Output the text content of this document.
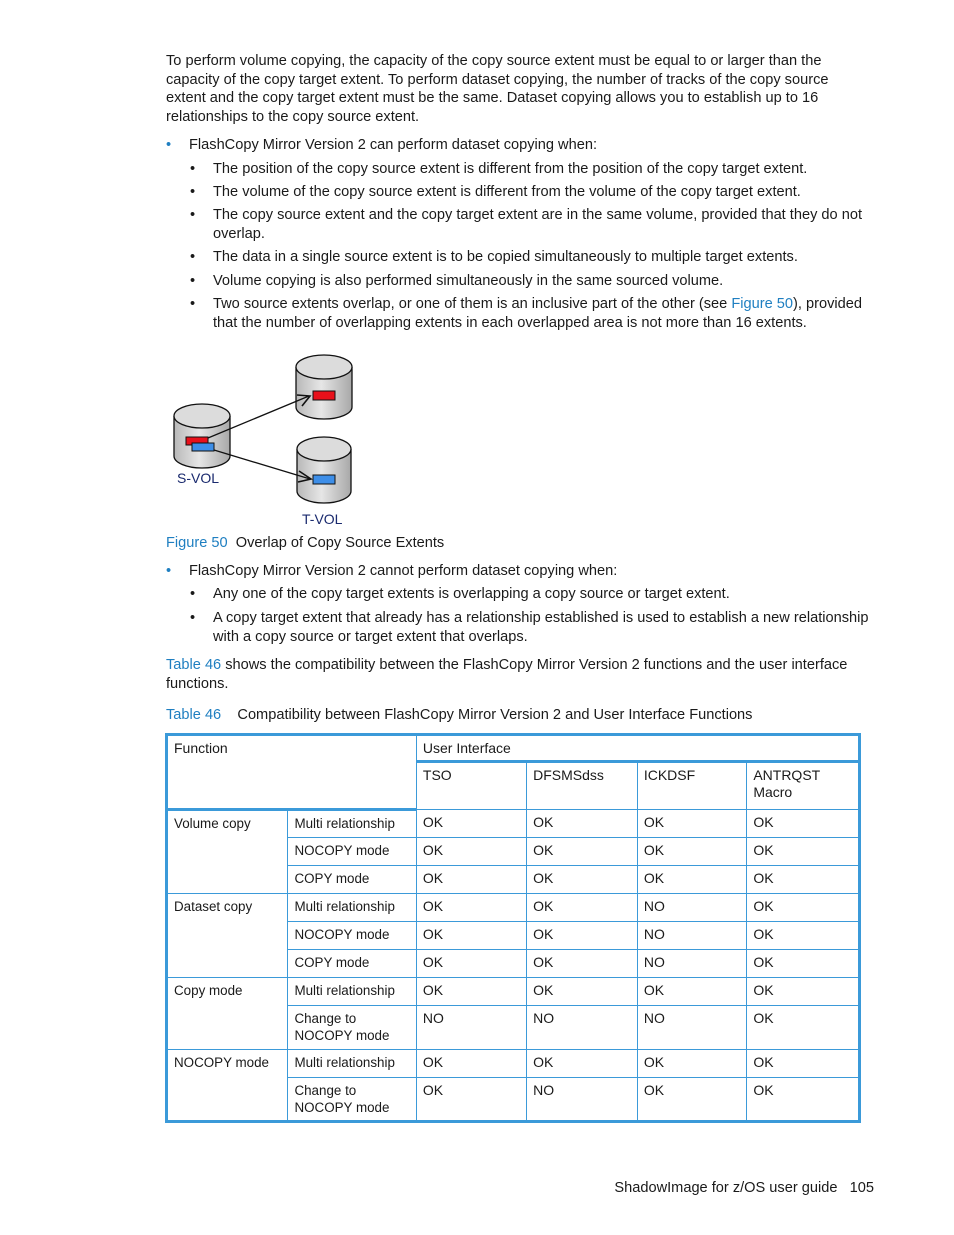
To perform volume copying, the capacity of the copy source extent must be equal to or larger than the capacity of the copy target extent. To perform dataset copying, the number of tracks of the copy source extent and the copy target extent must be the same. Dataset copying allows you to establish up to 16 relationships to the copy source extent.

• FlashCopy Mirror Version 2 can perform dataset copying when:
• The position of the copy source extent is different from the position of the copy target extent.
• The volume of the copy source extent is different from the volume of the copy target extent.
• The copy source extent and the copy target extent are in the same volume, provided that they do not overlap.
• The data in a single source extent is to be copied simultaneously to multiple target extents.
• Volume copying is also performed simultaneously in the same sourced volume.
• Two source extents overlap, or one of them is an inclusive part of the other (see Figure 50), provided that the number of overlapping extents in each overlapped area is not more than 16 extents.
S-VOL
T-VOL
Figure 50 Overlap of Copy Source Extents
• FlashCopy Mirror Version 2 cannot perform dataset copying when:
• Any one of the copy target extents is overlapping a copy source or target extent.
• A copy target extent that already has a relationship established is used to establish a new relationship with a copy source or target extent that overlaps.

Table 46 shows the compatibility between the FlashCopy Mirror Version 2 functions and the user interface functions.

Table 46 Compatibility between FlashCopy Mirror Version 2 and User Interface Functions
Function		User Interface			
		TSO	DFSMSdss	ICKDSF	ANTRQST Macro
Volume copy	Multi relationship	OK	OK	OK	OK
	NOCOPY mode	OK	OK	OK	OK
	COPY mode	OK	OK	OK	OK
Dataset copy	Multi relationship	OK	OK	NO	OK
	NOCOPY mode	OK	OK	NO	OK
	COPY mode	OK	OK	NO	OK
Copy mode	Multi relationship	OK	OK	OK	OK
	Change to NOCOPY mode	NO	NO	NO	OK
NOCOPY mode	Multi relationship	OK	OK	OK	OK
	Change to NOCOPY mode	OK	NO	OK	OK
ShadowImage for z/OS user guide 105
